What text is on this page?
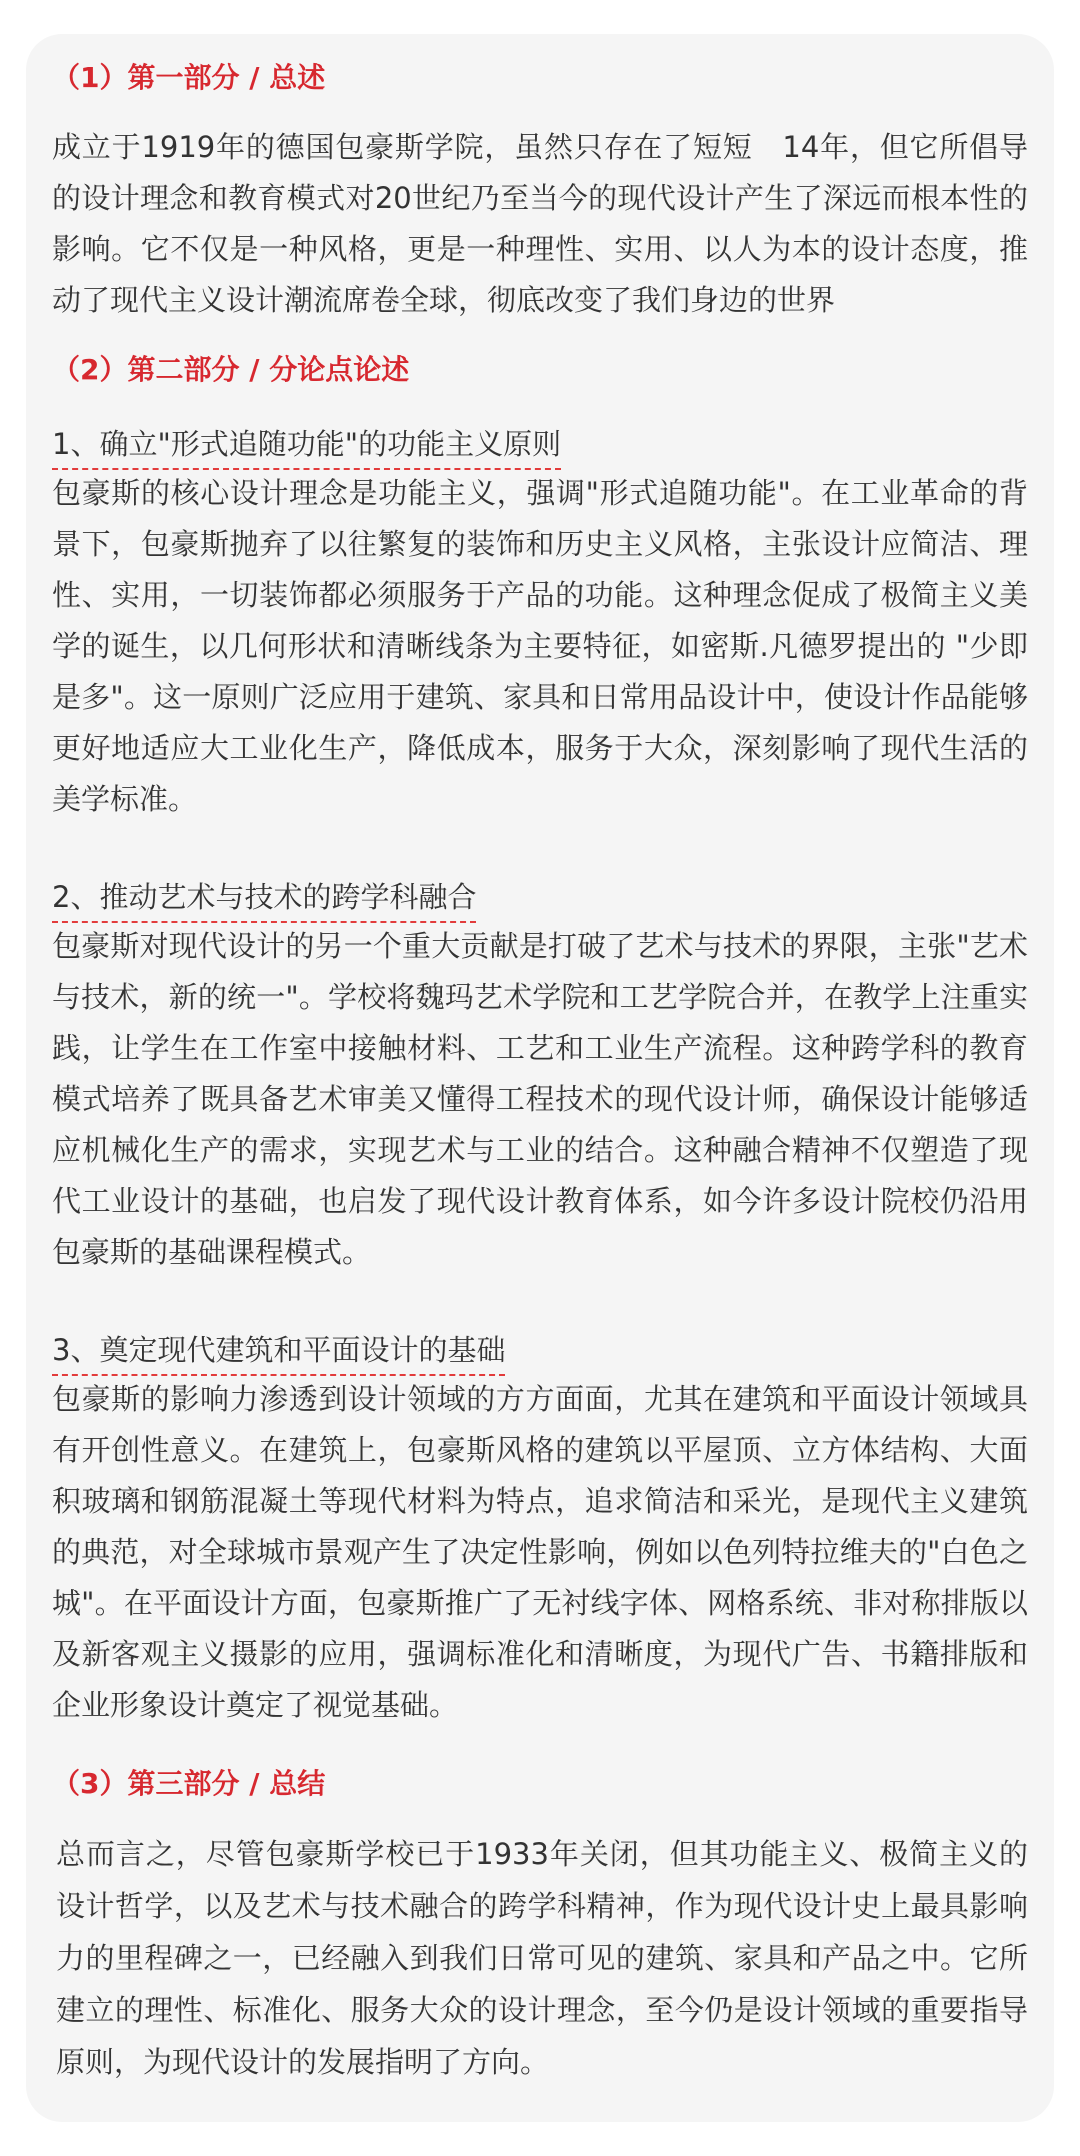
（1）第一部分 / 总述

成立于1919年的德国包豪斯学院，虽然只存在了短短　14年，但它所倡导的设计理念和教育模式对20世纪乃至当今的现代设计产生了深远而根本性的影响。它不仅是一种风格，更是一种理性、实用、以人为本的设计态度，推动了现代主义设计潮流席卷全球，彻底改变了我们身边的世界

（2）第二部分 / 分论点论述
1、确立"形式追随功能"的功能主义原则

包豪斯的核心设计理念是功能主义，强调"形式追随功能"。在工业革命的背景下，包豪斯抛弃了以往繁复的装饰和历史主义风格，主张设计应简洁、理性、实用，一切装饰都必须服务于产品的功能。这种理念促成了极简主义美学的诞生，以几何形状和清晰线条为主要特征，如密斯.凡德罗提出的 "少即是多"。这一原则广泛应用于建筑、家具和日常用品设计中，使设计作品能够更好地适应大工业化生产，降低成本，服务于大众，深刻影响了现代生活的美学标准。

2、推动艺术与技术的跨学科融合

包豪斯对现代设计的另一个重大贡献是打破了艺术与技术的界限，主张"艺术与技术，新的统一"。学校将魏玛艺术学院和工艺学院合并，在教学上注重实践，让学生在工作室中接触材料、工艺和工业生产流程。这种跨学科的教育模式培养了既具备艺术审美又懂得工程技术的现代设计师，确保设计能够适应机械化生产的需求，实现艺术与工业的结合。这种融合精神不仅塑造了现代工业设计的基础，也启发了现代设计教育体系，如今许多设计院校仍沿用包豪斯的基础课程模式。

3、奠定现代建筑和平面设计的基础

包豪斯的影响力渗透到设计领域的方方面面，尤其在建筑和平面设计领域具有开创性意义。在建筑上，包豪斯风格的建筑以平屋顶、立方体结构、大面积玻璃和钢筋混凝土等现代材料为特点，追求简洁和采光，是现代主义建筑的典范，对全球城市景观产生了决定性影响，例如以色列特拉维夫的"白色之城"。在平面设计方面，包豪斯推广了无衬线字体、网格系统、非对称排版以及新客观主义摄影的应用，强调标准化和清晰度，为现代广告、书籍排版和企业形象设计奠定了视觉基础。

（3）第三部分 / 总结

总而言之，尽管包豪斯学校已于1933年关闭，但其功能主义、极简主义的设计哲学，以及艺术与技术融合的跨学科精神，作为现代设计史上最具影响力的里程碑之一，已经融入到我们日常可见的建筑、家具和产品之中。它所建立的理性、标准化、服务大众的设计理念，至今仍是设计领域的重要指导原则，为现代设计的发展指明了方向。
